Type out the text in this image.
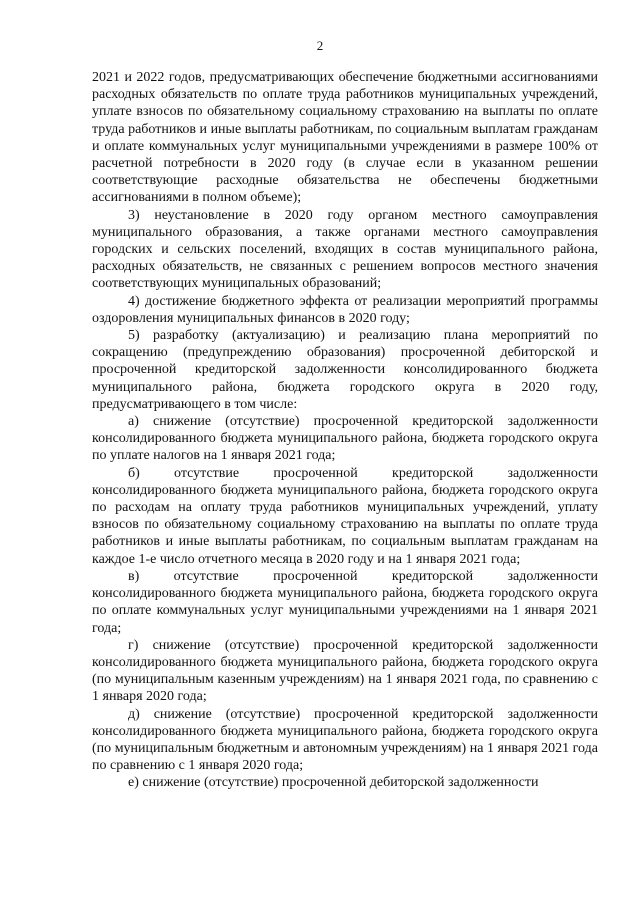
2

2021 и 2022 годов, предусматривающих обеспечение бюджетными ассигнованиями расходных обязательств по оплате труда работников муниципальных учреждений, уплате взносов по обязательному социальному страхованию на выплаты по оплате труда работников и иные выплаты работникам, по социальным выплатам гражданам и оплате коммунальных услуг муниципальными учреждениями в размере 100% от расчетной потребности в 2020 году (в случае если в указанном решении соответствующие расходные обязательства не обеспечены бюджетными ассигнованиями в полном объеме);

3) неустановление в 2020 году органом местного самоуправления муниципального образования, а также органами местного самоуправления городских и сельских поселений, входящих в состав муниципального района, расходных обязательств, не связанных с решением вопросов местного значения соответствующих муниципальных образований;

4) достижение бюджетного эффекта от реализации мероприятий программы оздоровления муниципальных финансов в 2020 году;

5) разработку (актуализацию) и реализацию плана мероприятий по сокращению (предупреждению образования) просроченной дебиторской и просроченной кредиторской задолженности консолидированного бюджета муниципального района, бюджета городского округа в 2020 году, предусматривающего в том числе:

а) снижение (отсутствие) просроченной кредиторской задолженности консолидированного бюджета муниципального района, бюджета городского округа по уплате налогов на 1 января 2021 года;

б) отсутствие просроченной кредиторской задолженности консолидированного бюджета муниципального района, бюджета городского округа по расходам на оплату труда работников муниципальных учреждений, уплату взносов по обязательному социальному страхованию на выплаты по оплате труда работников и иные выплаты работникам, по социальным выплатам гражданам на каждое 1-е число отчетного месяца в 2020 году и на 1 января 2021 года;

в) отсутствие просроченной кредиторской задолженности консолидированного бюджета муниципального района, бюджета городского округа по оплате коммунальных услуг муниципальными учреждениями на 1 января 2021 года;

г) снижение (отсутствие) просроченной кредиторской задолженности консолидированного бюджета муниципального района, бюджета городского округа (по муниципальным казенным учреждениям) на 1 января 2021 года, по сравнению с 1 января 2020 года;

д) снижение (отсутствие) просроченной кредиторской задолженности консолидированного бюджета муниципального района, бюджета городского округа (по муниципальным бюджетным и автономным учреждениям) на 1 января 2021 года по сравнению с 1 января 2020 года;

е) снижение (отсутствие) просроченной дебиторской задолженности
